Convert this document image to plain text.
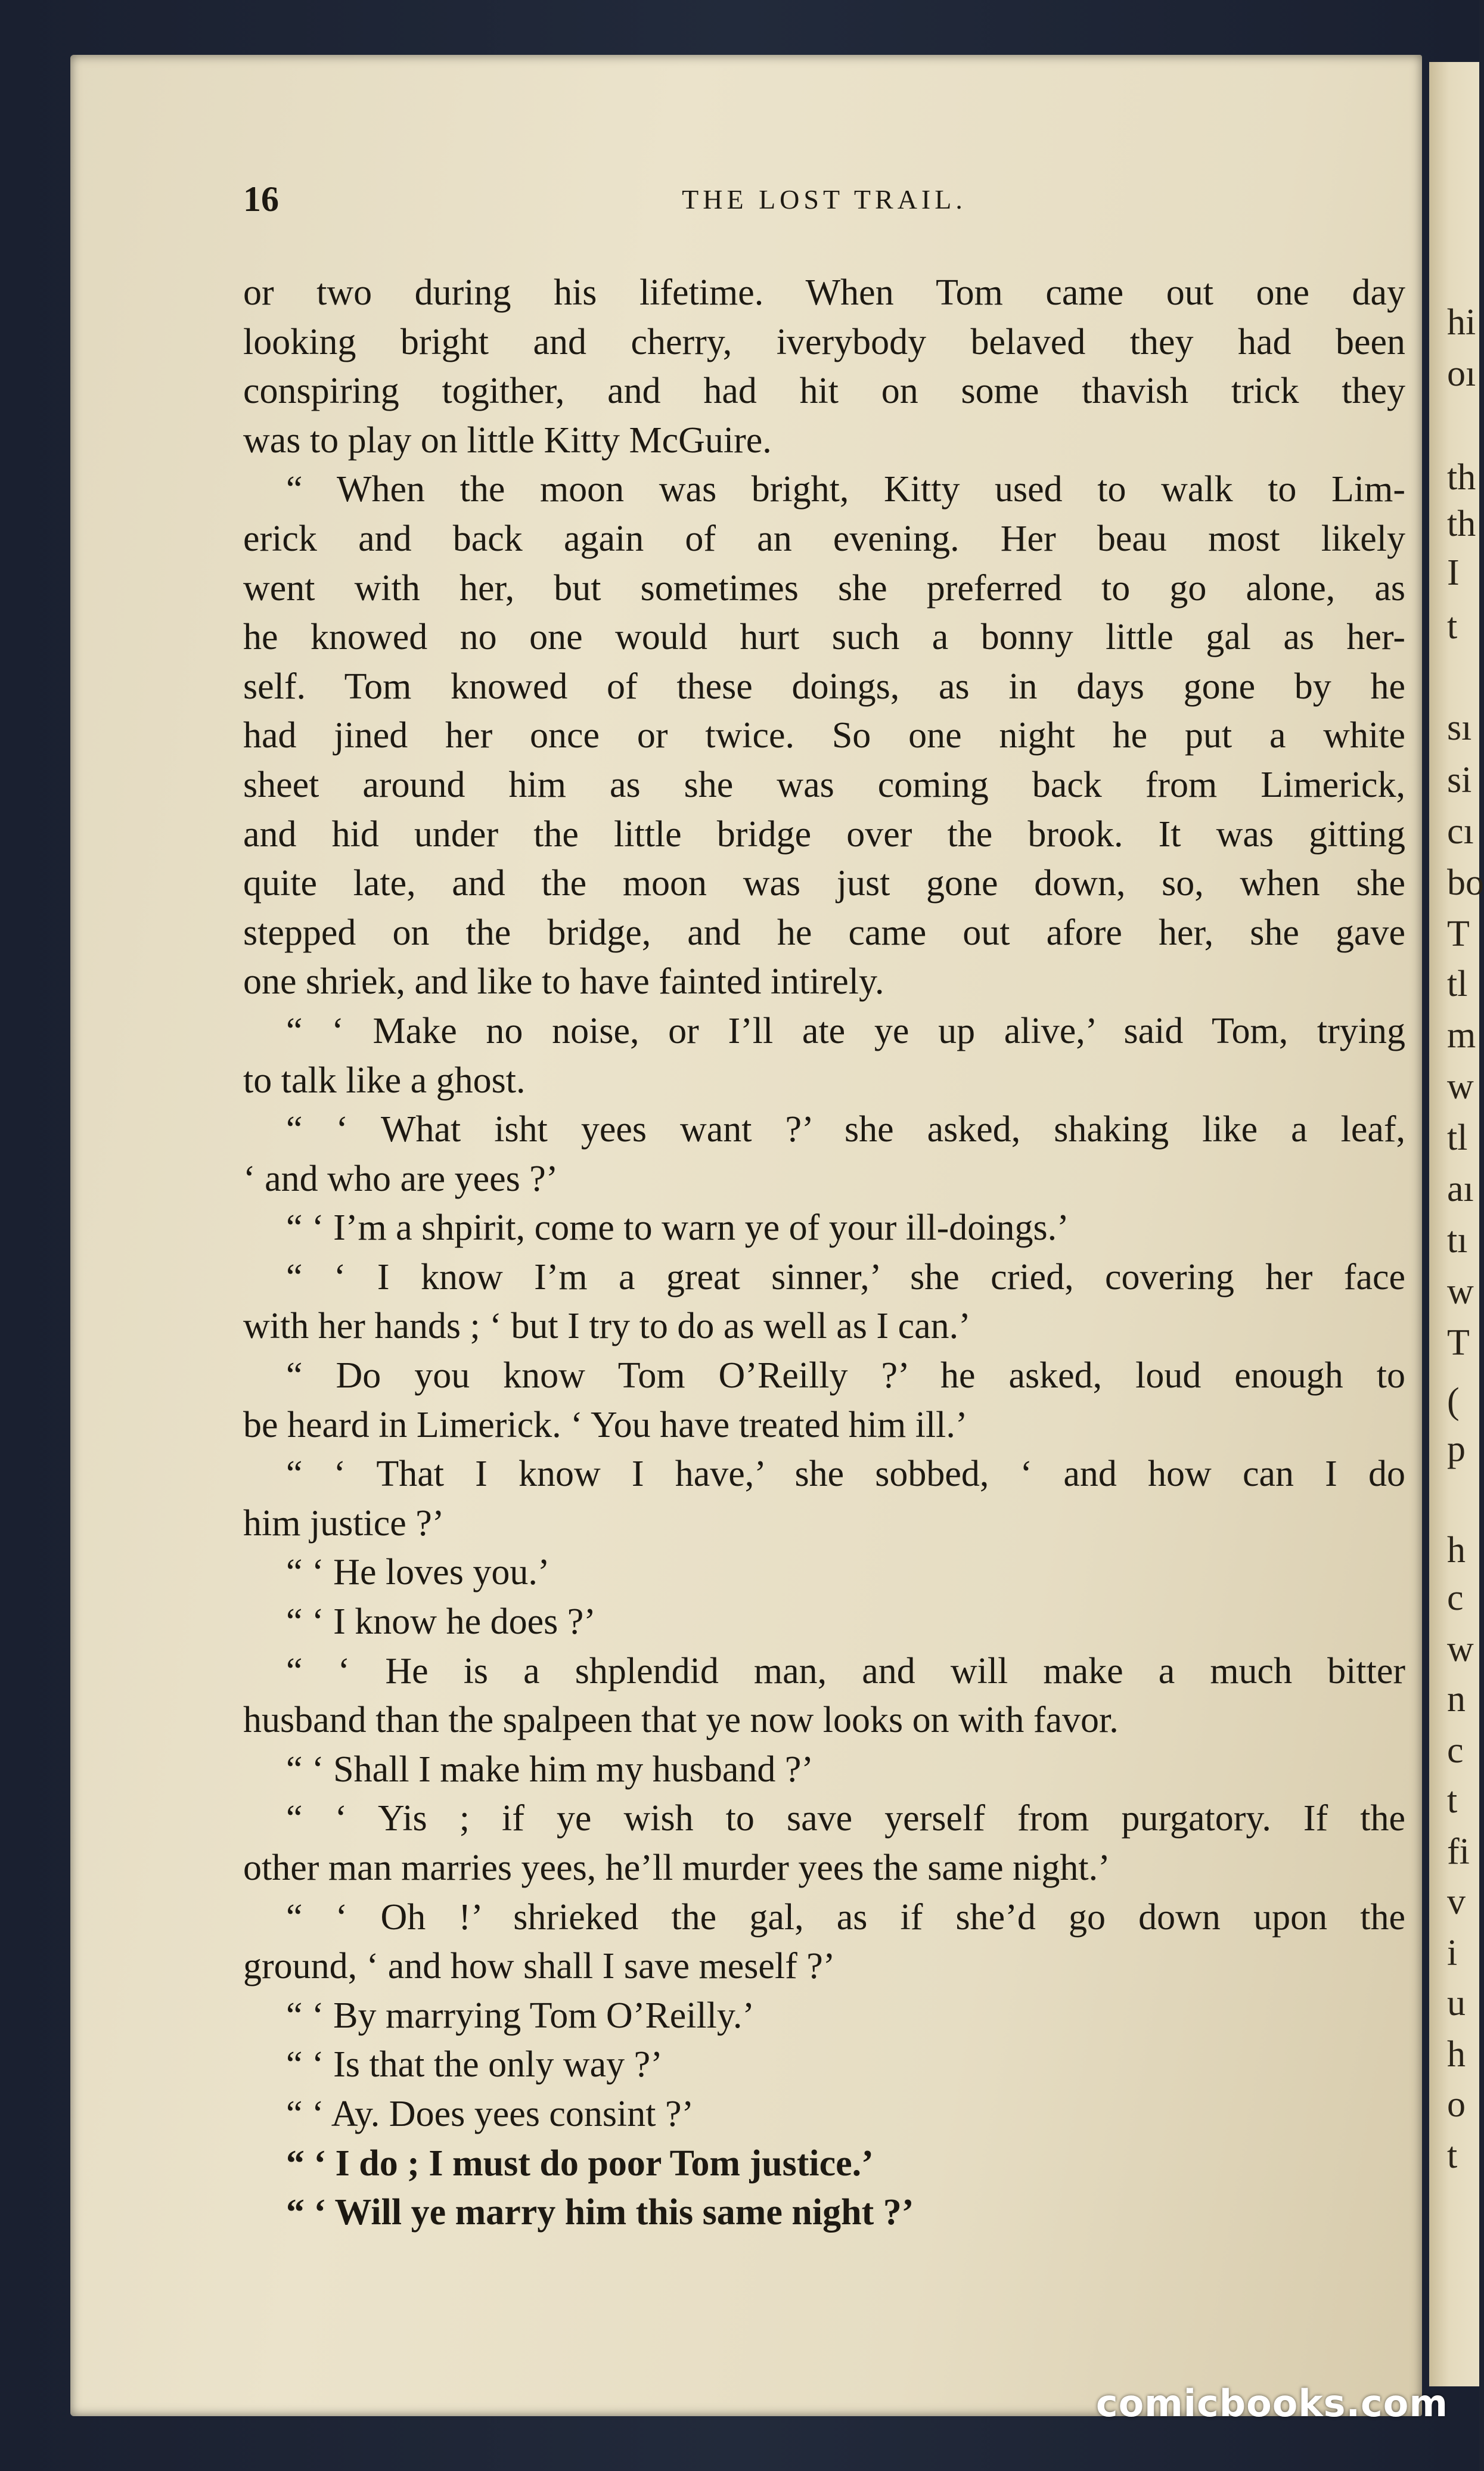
hi
oı
th
th
I
t
sı
si
cı
bo
T
tl
m
w
tl
aı
tı
w
T
(
p
h
c
w
n
c
t
fi
v
i
u
h
o
t
16	THE LOST TRAIL.
or two during his lifetime. When Tom came out one day
looking bright and cherry, iverybody belaved they had been
conspiring togither, and had hit on some thavish trick they
was to play on little Kitty McGuire.
“ When the moon was bright, Kitty used to walk to Lim-
erick and back again of an evening. Her beau most likely
went with her, but sometimes she preferred to go alone, as
he knowed no one would hurt such a bonny little gal as her-
self. Tom knowed of these doings, as in days gone by he
had jined her once or twice. So one night he put a white
sheet around him as she was coming back from Limerick,
and hid under the little bridge over the brook. It was gitting
quite late, and the moon was just gone down, so, when she
stepped on the bridge, and he came out afore her, she gave
one shriek, and like to have fainted intirely.
“ ‘ Make no noise, or I’ll ate ye up alive,’ said Tom, trying
to talk like a ghost.
“ ‘ What isht yees want ?’ she asked, shaking like a leaf,
‘ and who are yees ?’
“ ‘ I’m a shpirit, come to warn ye of your ill-doings.’
“ ‘ I know I’m a great sinner,’ she cried, covering her face
with her hands ; ‘ but I try to do as well as I can.’
“ Do you know Tom O’Reilly ?’ he asked, loud enough to
be heard in Limerick. ‘ You have treated him ill.’
“ ‘ That I know I have,’ she sobbed, ‘ and how can I do
him justice ?’
“ ‘ He loves you.’
“ ‘ I know he does ?’
“ ‘ He is a shplendid man, and will make a much bitter
husband than the spalpeen that ye now looks on with favor.
“ ‘ Shall I make him my husband ?’
“ ‘ Yis ; if ye wish to save yerself from purgatory. If the
other man marries yees, he’ll murder yees the same night.’
“ ‘ Oh !’ shrieked the gal, as if she’d go down upon the
ground, ‘ and how shall I save meself ?’
“ ‘ By marrying Tom O’Reilly.’
“ ‘ Is that the only way ?’
“ ‘ Ay. Does yees consint ?’
“ ‘ I do ; I must do poor Tom justice.’
“ ‘ Will ye marry him this same night ?’
comicbooks.com
